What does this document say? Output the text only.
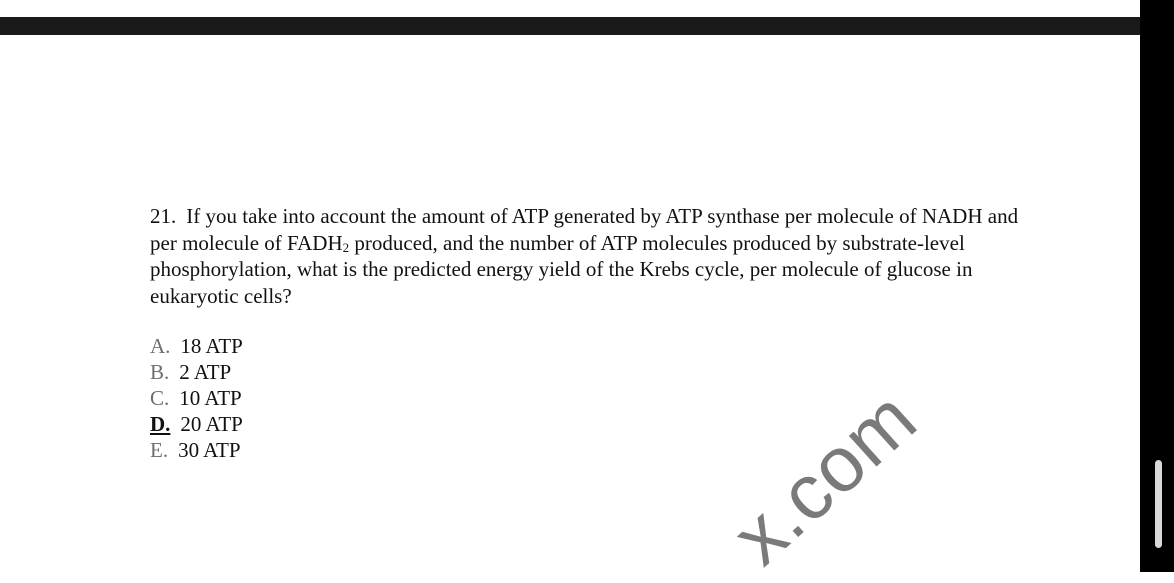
21. If you take into account the amount of ATP generated by ATP synthase per molecule of NADH and per molecule of $FADH_2$ produced, and the number of ATP molecules produced by substrate-level phosphorylation, what is the predicted energy yield of the Krebs cycle, per molecule of glucose in eukaryotic cells?

A. 18 ATP
B. 2 ATP
C. 10 ATP
D. 20 ATP
E. 30 ATP	x.com
